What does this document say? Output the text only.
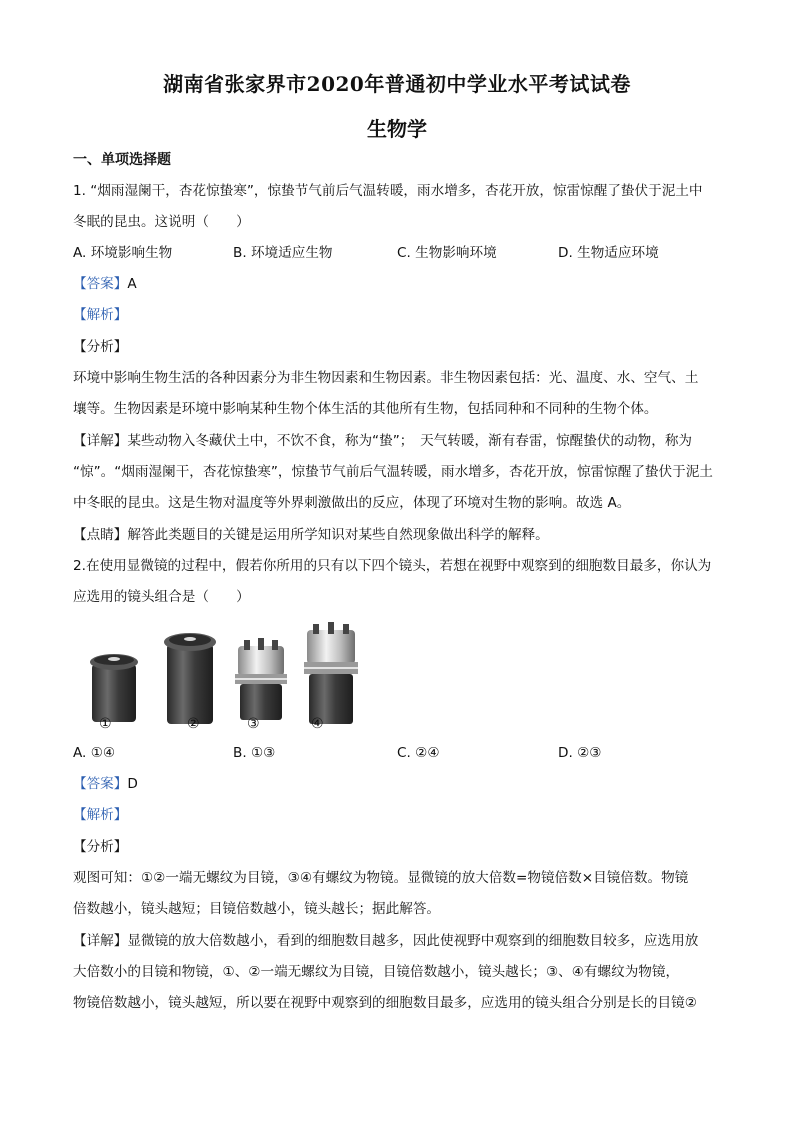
湖南省张家界市2020年普通初中学业水平考试试卷
生物学
一、单项选择题
1. “烟雨湿阑干，杏花惊蛰寒”，惊蛰节气前后气温转暖，雨水增多，杏花开放，惊雷惊醒了蛰伏于泥土中
冬眠的昆虫。这说明（　　）
A. 环境影响生物	B. 环境适应生物	C. 生物影响环境	D. 生物适应环境
【答案】A
【解析】
【分析】
环境中影响生物生活的各种因素分为非生物因素和生物因素。非生物因素包括：光、温度、水、空气、土
壤等。生物因素是环境中影响某种生物个体生活的其他所有生物，包括同种和不同种的生物个体。
【详解】某些动物入冬藏伏土中，不饮不食，称为“蛰”；　天气转暖，渐有春雷，惊醒蛰伏的动物，称为
“惊”。“烟雨湿阑干，杏花惊蛰寒”，惊蛰节气前后气温转暖，雨水增多，杏花开放，惊雷惊醒了蛰伏于泥土
中冬眠的昆虫。这是生物对温度等外界刺激做出的反应，体现了环境对生物的影响。故选 A。
【点睛】解答此类题目的关键是运用所学知识对某些自然现象做出科学的解释。
2.在使用显微镜的过程中，假若你所用的只有以下四个镜头，若想在视野中观察到的细胞数目最多，你认为
应选用的镜头组合是（　　）
①	②	③	④
A. ①④	B. ①③	C. ②④	D. ②③
【答案】D
【解析】
【分析】
观图可知：①②一端无螺纹为目镜，③④有螺纹为物镜。显微镜的放大倍数=物镜倍数×目镜倍数。物镜
倍数越小，镜头越短；目镜倍数越小，镜头越长；据此解答。
【详解】显微镜的放大倍数越小，看到的细胞数目越多，因此使视野中观察到的细胞数目较多，应选用放
大倍数小的目镜和物镜，①、②一端无螺纹为目镜，目镜倍数越小，镜头越长；③、④有螺纹为物镜，
物镜倍数越小，镜头越短，所以要在视野中观察到的细胞数目最多，应选用的镜头组合分别是长的目镜②
